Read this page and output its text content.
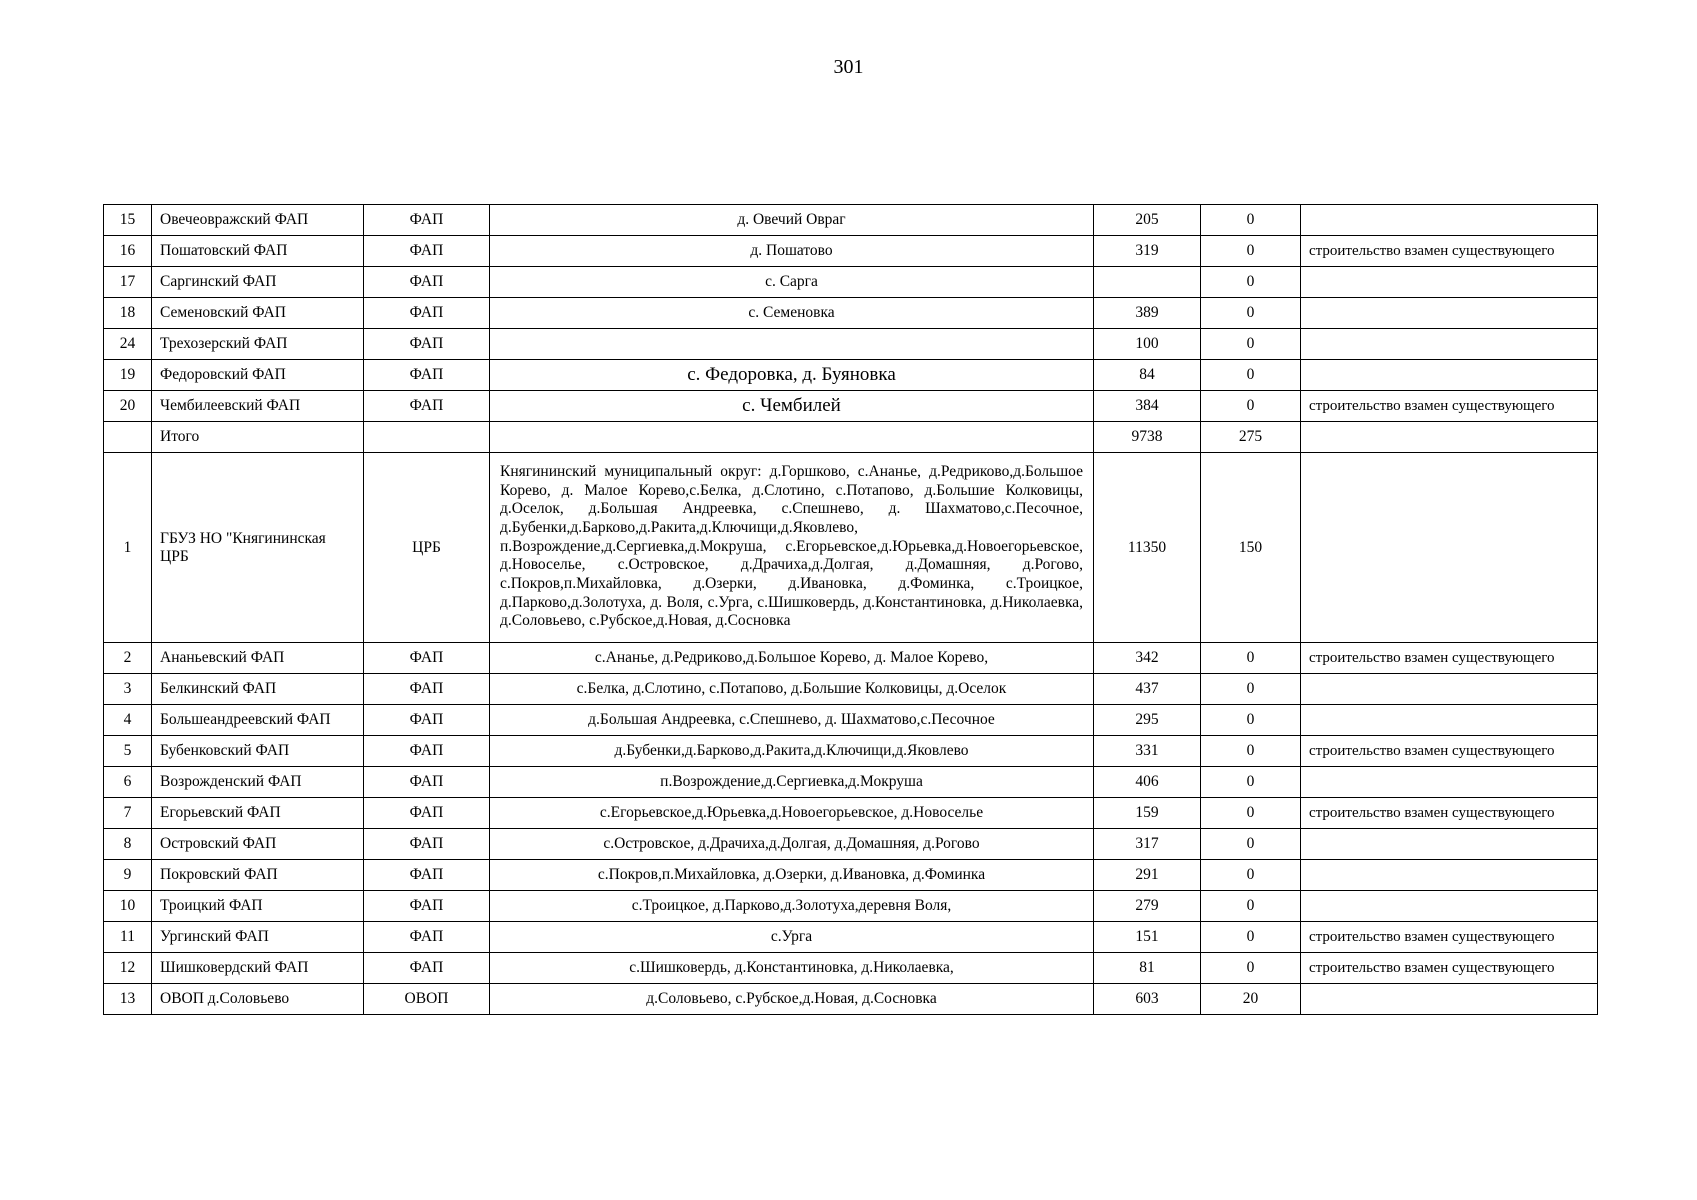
301
15	Овечеовражский ФАП	ФАП	д. Овечий Овраг	205	0	
16	Пошатовский ФАП	ФАП	д. Пошатово	319	0	строительство взамен существующего
17	Саргинский ФАП	ФАП	с. Сарга		0	
18	Семеновский ФАП	ФАП	с. Семеновка	389	0	
24	Трехозерский ФАП	ФАП		100	0	
19	Федоровский ФАП	ФАП	с. Федоровка, д. Буяновка	84	0	
20	Чембилеевский ФАП	ФАП	с. Чембилей	384	0	строительство взамен существующего
	Итого			9738	275	
1	ГБУЗ НО "Княгининская ЦРБ	ЦРБ	Княгининский муниципальный округ: д.Горшково, с.Ананье, д.Редриково,д.Большое Корево, д. Малое Корево,с.Белка, д.Слотино, с.Потапово, д.Большие Колковицы, д.Оселок, д.Большая Андреевка, с.Спешнево, д. Шахматово,с.Песочное, д.Бубенки,д.Барково,д.Ракита,д.Ключищи,д.Яковлево, п.Возрождение,д.Сергиевка,д.Мокруша, с.Егорьевское,д.Юрьевка,д.Новоегорьевское, д.Новоселье, с.Островское, д.Драчиха,д.Долгая, д.Домашняя, д.Рогово, с.Покров,п.Михайловка, д.Озерки, д.Ивановка, д.Фоминка, с.Троицкое, д.Парково,д.Золотуха, д. Воля, с.Урга, с.Шишковердь, д.Константиновка, д.Николаевка, д.Соловьево, с.Рубское,д.Новая, д.Сосновка	11350	150	
2	Ананьевский ФАП	ФАП	с.Ананье, д.Редриково,д.Большое Корево, д. Малое Корево,	342	0	строительство взамен существующего
3	Белкинский ФАП	ФАП	с.Белка, д.Слотино, с.Потапово, д.Большие Колковицы, д.Оселок	437	0	
4	Большеандреевский ФАП	ФАП	д.Большая Андреевка, с.Спешнево, д. Шахматово,с.Песочное	295	0	
5	Бубенковский ФАП	ФАП	д.Бубенки,д.Барково,д.Ракита,д.Ключищи,д.Яковлево	331	0	строительство взамен существующего
6	Возрожденский ФАП	ФАП	п.Возрождение,д.Сергиевка,д.Мокруша	406	0	
7	Егорьевский ФАП	ФАП	с.Егорьевское,д.Юрьевка,д.Новоегорьевское, д.Новоселье	159	0	строительство взамен существующего
8	Островский ФАП	ФАП	с.Островское, д.Драчиха,д.Долгая, д.Домашняя, д.Рогово	317	0	
9	Покровский ФАП	ФАП	с.Покров,п.Михайловка, д.Озерки, д.Ивановка, д.Фоминка	291	0	
10	Троицкий ФАП	ФАП	с.Троицкое, д.Парково,д.Золотуха,деревня Воля,	279	0	
11	Ургинский ФАП	ФАП	с.Урга	151	0	строительство взамен существующего
12	Шишковердский ФАП	ФАП	с.Шишковердь, д.Константиновка, д.Николаевка,	81	0	строительство взамен существующего
13	ОВОП д.Соловьево	ОВОП	д.Соловьево, с.Рубское,д.Новая, д.Сосновка	603	20	
